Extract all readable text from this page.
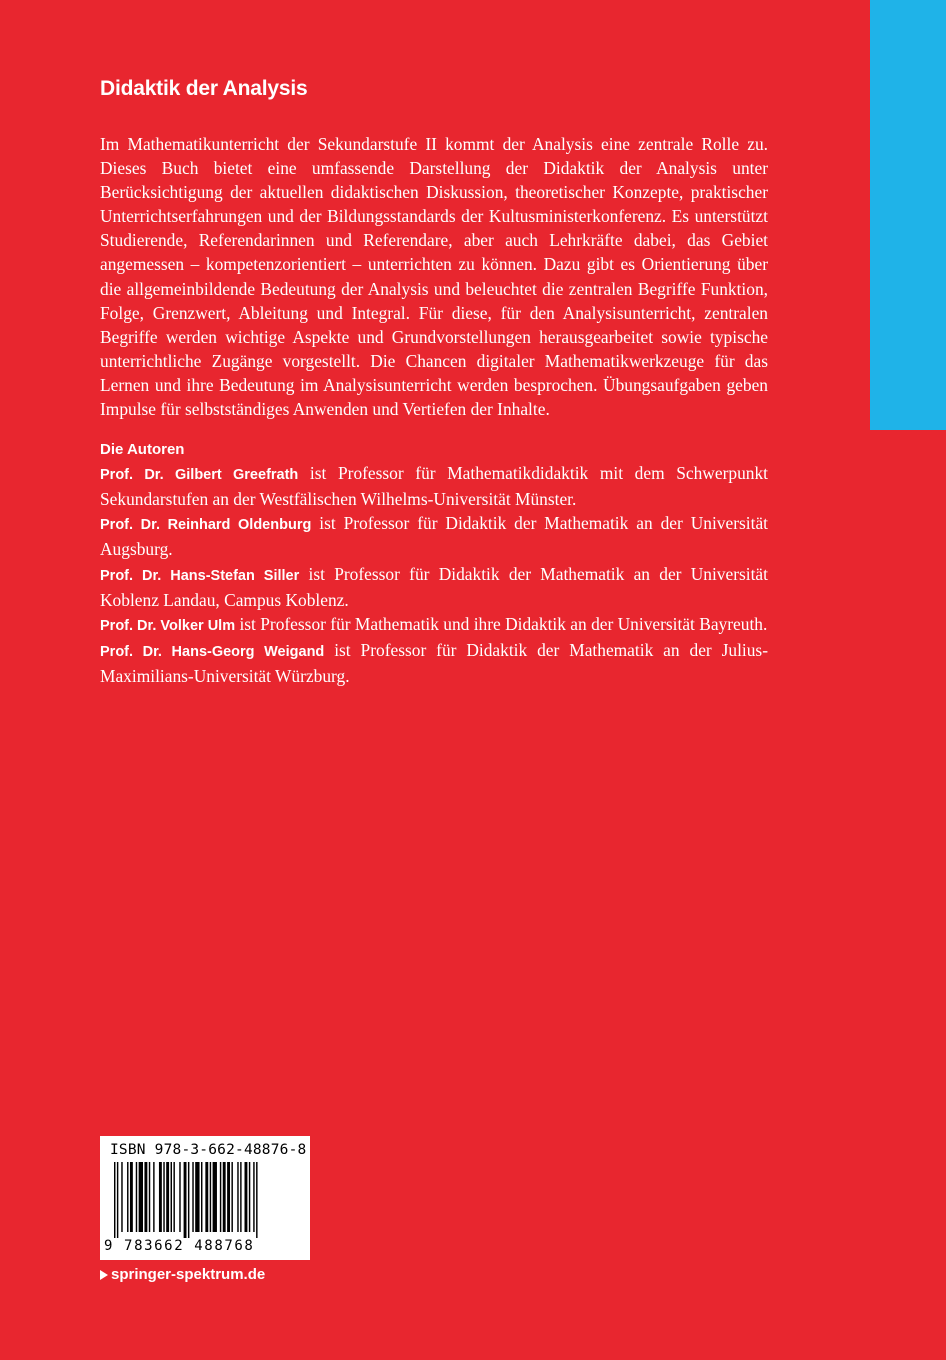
Didaktik der Analysis

Im Mathematikunterricht der Sekundarstufe II kommt der Analysis eine zentrale Rolle zu. Dieses Buch bietet eine umfassende Darstellung der Didaktik der Analysis unter Berücksichtigung der aktuellen didaktischen Diskussion, theoretischer Konzepte, praktischer Unterrichtserfahrungen und der Bildungsstandards der Kultusministerkonferenz. Es unterstützt Studierende, Referendarinnen und Referendare, aber auch Lehrkräfte dabei, das Gebiet angemessen – kompetenzorientiert – unterrichten zu können. Dazu gibt es Orientierung über die allgemeinbildende Bedeutung der Analysis und beleuchtet die zentralen Begriffe Funktion, Folge, Grenzwert, Ableitung und Integral. Für diese, für den Analysisunterricht, zentralen Begriffe werden wichtige Aspekte und Grundvorstellungen herausgearbeitet sowie typische unterrichtliche Zugänge vorgestellt. Die Chancen digitaler Mathematikwerkzeuge für das Lernen und ihre Bedeutung im Analysisunterricht werden besprochen. Übungsaufgaben geben Impulse für selbstständiges Anwenden und Vertiefen der Inhalte.

Die Autoren

Prof. Dr. Gilbert Greefrath ist Professor für Mathematikdidaktik mit dem Schwerpunkt Sekundarstufen an der Westfälischen Wilhelms-Universität Münster.

Prof. Dr. Reinhard Oldenburg ist Professor für Didaktik der Mathematik an der Universität Augsburg.

Prof. Dr. Hans-Stefan Siller ist Professor für Didaktik der Mathematik an der Universität Koblenz Landau, Campus Koblenz.

Prof. Dr. Volker Ulm ist Professor für Mathematik und ihre Didaktik an der Universität Bayreuth.

Prof. Dr. Hans-Georg Weigand ist Professor für Didaktik der Mathematik an der Julius-Maximilians-Universität Würzburg.

ISBN 978-3-662-48876-8
9 783662 488768
springer-spektrum.de
